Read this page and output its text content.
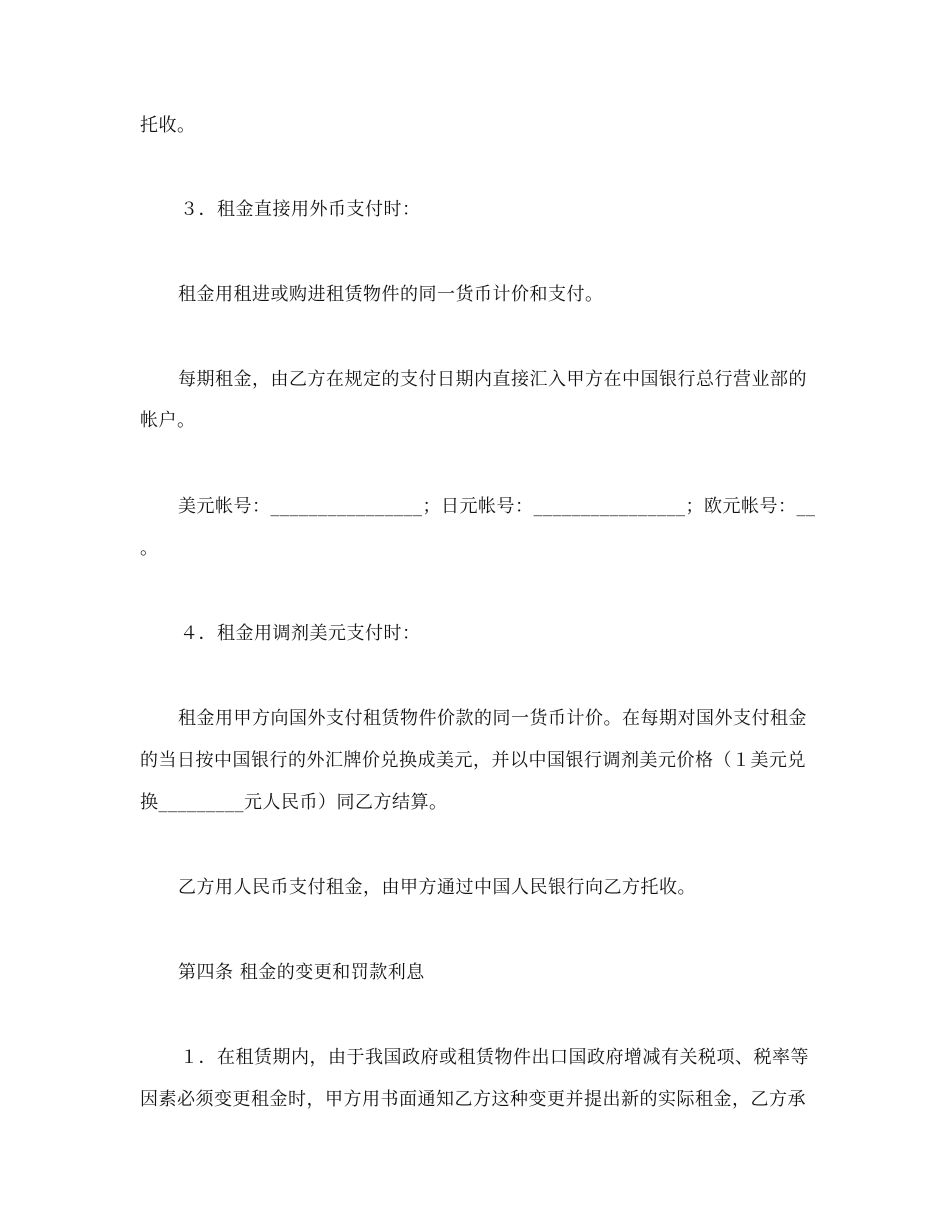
托收。
３．租金直接用外币支付时：
租金用租进或购进租赁物件的同一货币计价和支付。
每期租金，由乙方在规定的支付日期内直接汇入甲方在中国银行总行营业部的
帐户。
美元帐号：________________；日元帐号：________________；欧元帐号：__
。
４．租金用调剂美元支付时：
租金用甲方向国外支付租赁物件价款的同一货币计价。在每期对国外支付租金
的当日按中国银行的外汇牌价兑换成美元，并以中国银行调剂美元价格（１美元兑
换_________元人民币）同乙方结算。
乙方用人民币支付租金，由甲方通过中国人民银行向乙方托收。
第四条 租金的变更和罚款利息
１．在租赁期内，由于我国政府或租赁物件出口国政府增减有关税项、税率等
因素必须变更租金时，甲方用书面通知乙方这种变更并提出新的实际租金，乙方承
